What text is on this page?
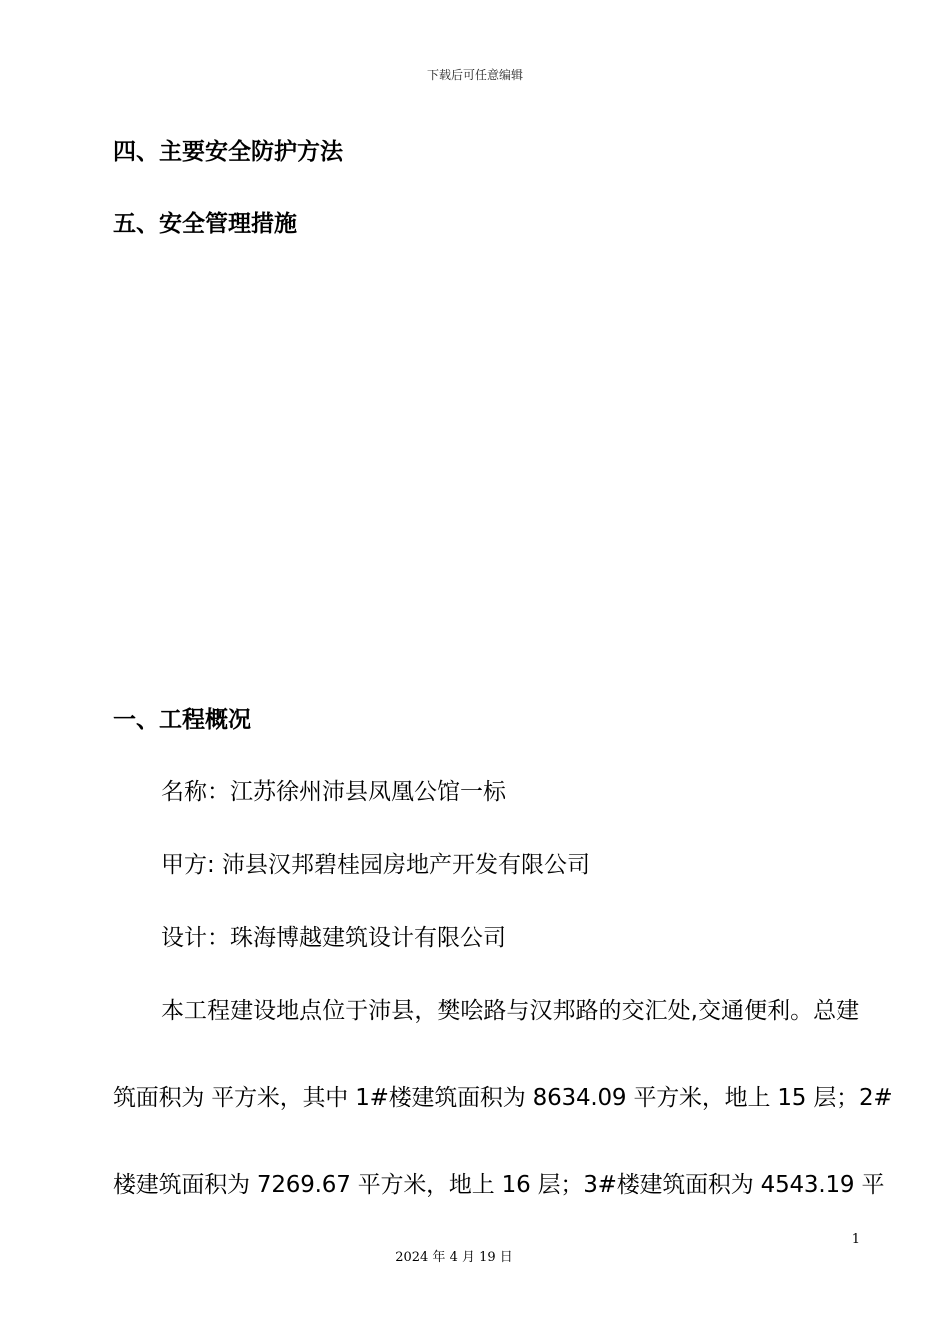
下载后可任意编辑
四、主要安全防护方法
五、安全管理措施
一、工程概况
名称：江苏徐州沛县凤凰公馆一标
甲方: 沛县汉邦碧桂园房地产开发有限公司
设计：珠海博越建筑设计有限公司
本工程建设地点位于沛县，樊哙路与汉邦路的交汇处,交通便利。总建
筑面积为 平方米，其中 1#楼建筑面积为 8634.09 平方米，地上 15 层；2#
楼建筑面积为 7269.67 平方米，地上 16 层；3#楼建筑面积为 4543.19 平
1
2024 年 4 月 19 日
